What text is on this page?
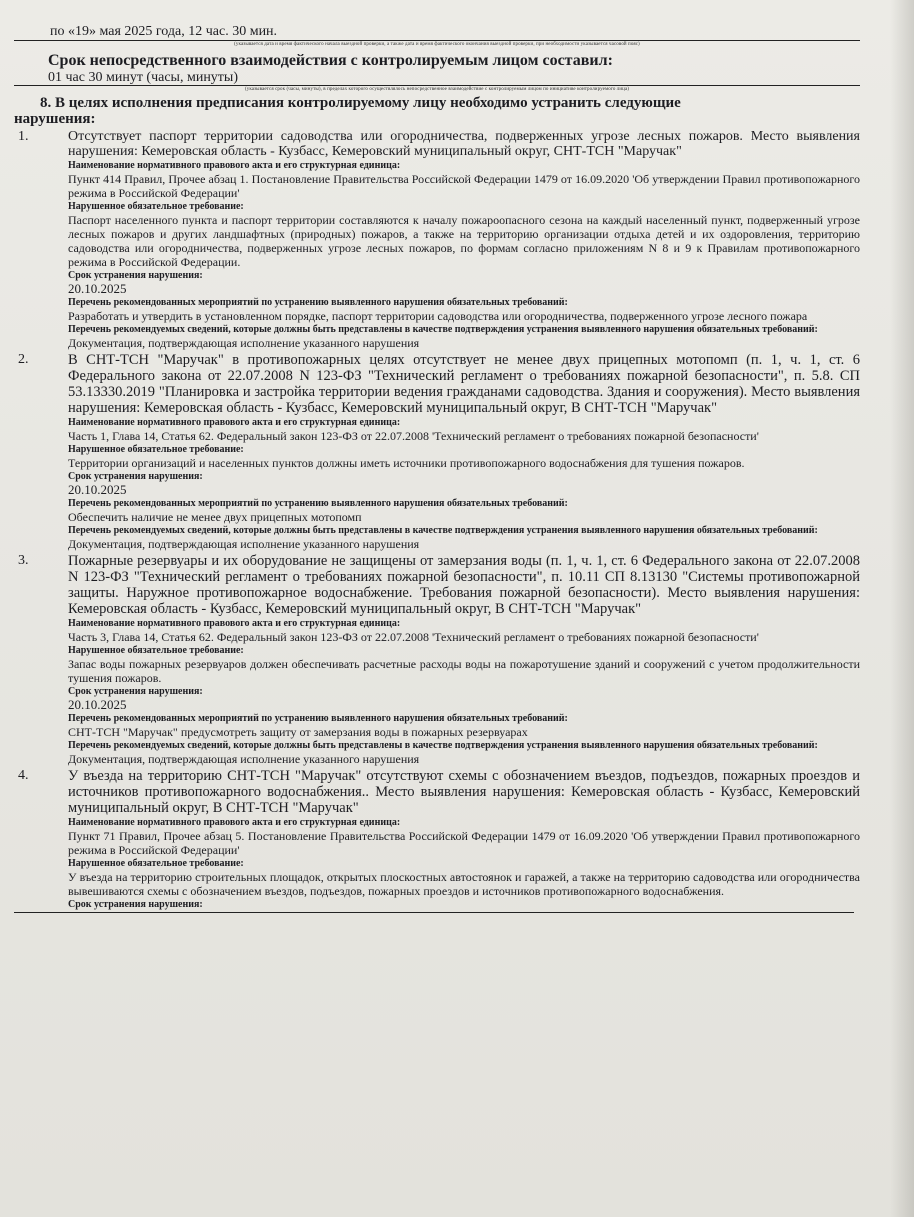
по «19» мая 2025 года, 12 час. 30 мин.
(указывается дата и время фактического начала выездной проверки, а также дата и время фактического окончания выездной проверки, при необходимости указывается часовой пояс)
Срок непосредственного взаимодействия с контролируемым лицом составил:
01 час 30 минут (часы, минуты)
(указывается срок (часы, минуты), в пределах которого осуществлялось непосредственное взаимодействие с контролируемым лицом по инициативе контролируемого лица)
8. В целях исполнения предписания контролируемому лицу необходимо устранить следующие
нарушения:
1.	Отсутствует паспорт территории садоводства или огородничества, подверженных угрозе лесных пожаров. Место выявления нарушения: Кемеровская область - Кузбасс, Кемеровский муниципальный округ, СНТ-ТСН "Маручак"
Наименование нормативного правового акта и его структурная единица:
Пункт 414 Правил, Прочее абзац 1. Постановление Правительства Российской Федерации 1479 от 16.09.2020 'Об утверждении Правил противопожарного режима в Российской Федерации'
Нарушенное обязательное требование:
Паспорт населенного пункта и паспорт территории составляются к началу пожароопасного сезона на каждый населенный пункт, подверженный угрозе лесных пожаров и других ландшафтных (природных) пожаров, а также на территорию организации отдыха детей и их оздоровления, территорию садоводства или огородничества, подверженных угрозе лесных пожаров, по формам согласно приложениям N 8 и 9 к Правилам противопожарного режима в Российской Федерации.
Срок устранения нарушения:
20.10.2025
Перечень рекомендованных мероприятий по устранению выявленного нарушения обязательных требований:
Разработать и утвердить в установленном порядке, паспорт территории садоводства или огородничества, подверженного угрозе лесного пожара
Перечень рекомендуемых сведений, которые должны быть представлены в качестве подтверждения устранения выявленного нарушения обязательных требований:
Документация, подтверждающая исполнение указанного нарушения
2.	В СНТ-ТСН "Маручак" в противопожарных целях отсутствует не менее двух прицепных мотопомп (п. 1, ч. 1, ст. 6 Федерального закона от 22.07.2008 N 123-ФЗ "Технический регламент о требованиях пожарной безопасности", п. 5.8. СП 53.13330.2019 "Планировка и застройка территории ведения гражданами садоводства. Здания и сооружения). Место выявления нарушения: Кемеровская область - Кузбасс, Кемеровский муниципальный округ, В СНТ-ТСН "Маручак"
Наименование нормативного правового акта и его структурная единица:
Часть 1, Глава 14, Статья 62. Федеральный закон 123-ФЗ от 22.07.2008 'Технический регламент о требованиях пожарной безопасности'
Нарушенное обязательное требование:
Территории организаций и населенных пунктов должны иметь источники противопожарного водоснабжения для тушения пожаров.
Срок устранения нарушения:
20.10.2025
Перечень рекомендованных мероприятий по устранению выявленного нарушения обязательных требований:
Обеспечить наличие не менее двух прицепных мотопомп
Перечень рекомендуемых сведений, которые должны быть представлены в качестве подтверждения устранения выявленного нарушения обязательных требований:
Документация, подтверждающая исполнение указанного нарушения
3.	Пожарные резервуары и их оборудование не защищены от замерзания воды (п. 1, ч. 1, ст. 6 Федерального закона от 22.07.2008 N 123-ФЗ "Технический регламент о требованиях пожарной безопасности", п. 10.11 СП 8.13130 "Системы противопожарной защиты. Наружное противопожарное водоснабжение. Требования пожарной безопасности). Место выявления нарушения: Кемеровская область - Кузбасс, Кемеровский муниципальный округ, В СНТ-ТСН "Маручак"
Наименование нормативного правового акта и его структурная единица:
Часть 3, Глава 14, Статья 62. Федеральный закон 123-ФЗ от 22.07.2008 'Технический регламент о требованиях пожарной безопасности'
Нарушенное обязательное требование:
Запас воды пожарных резервуаров должен обеспечивать расчетные расходы воды на пожаротушение зданий и сооружений с учетом продолжительности тушения пожаров.
Срок устранения нарушения:
20.10.2025
Перечень рекомендованных мероприятий по устранению выявленного нарушения обязательных требований:
СНТ-ТСН "Маручак" предусмотреть защиту от замерзания воды в пожарных резервуарах
Перечень рекомендуемых сведений, которые должны быть представлены в качестве подтверждения устранения выявленного нарушения обязательных требований:
Документация, подтверждающая исполнение указанного нарушения
4.	У въезда на территорию СНТ-ТСН "Маручак" отсутствуют схемы с обозначением въездов, подъездов, пожарных проездов и источников противопожарного водоснабжения.. Место выявления нарушения: Кемеровская область - Кузбасс, Кемеровский муниципальный округ, В СНТ-ТСН "Маручак"
Наименование нормативного правового акта и его структурная единица:
Пункт 71 Правил, Прочее абзац 5. Постановление Правительства Российской Федерации 1479 от 16.09.2020 'Об утверждении Правил противопожарного режима в Российской Федерации'
Нарушенное обязательное требование:
У въезда на территорию строительных площадок, открытых плоскостных автостоянок и гаражей, а также на территорию садоводства или огородничества вывешиваются схемы с обозначением въездов, подъездов, пожарных проездов и источников противопожарного водоснабжения.
Срок устранения нарушения:
